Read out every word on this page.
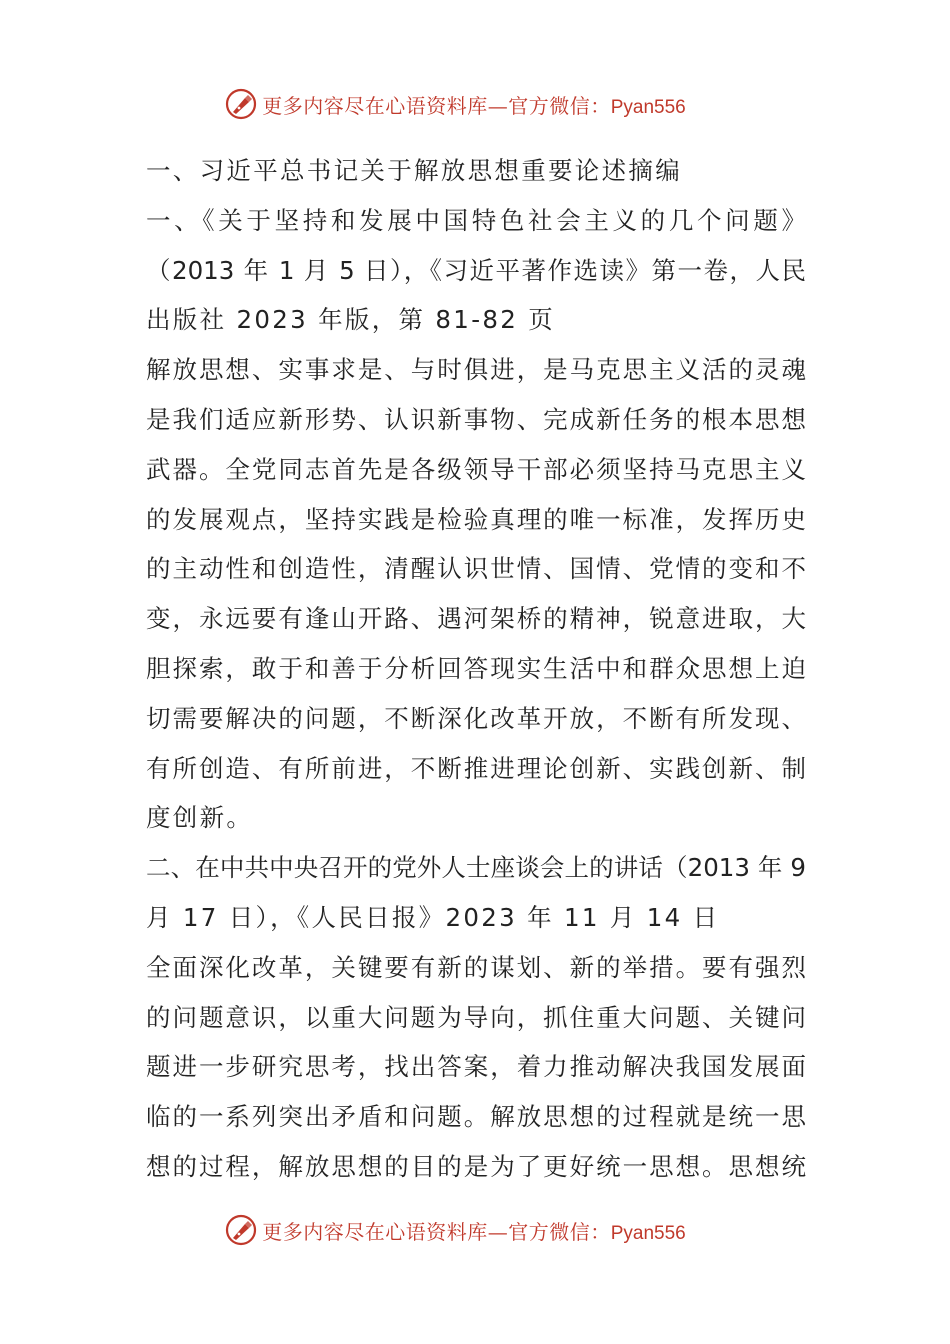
更多内容尽在心语资料库—官方微信：Pyan556
一、习近平总书记关于解放思想重要论述摘编
一、《关于坚持和发展中国特色社会主义的几个问题》
（2013 年 1 月 5 日），《习近平著作选读》第一卷，人民
出版社 2023 年版，第 81-82 页
解放思想、实事求是、与时俱进，是马克思主义活的灵魂
是我们适应新形势、认识新事物、完成新任务的根本思想
武器。全党同志首先是各级领导干部必须坚持马克思主义
的发展观点，坚持实践是检验真理的唯一标准，发挥历史
的主动性和创造性，清醒认识世情、国情、党情的变和不
变，永远要有逢山开路、遇河架桥的精神，锐意进取，大
胆探索，敢于和善于分析回答现实生活中和群众思想上迫
切需要解决的问题，不断深化改革开放，不断有所发现、
有所创造、有所前进，不断推进理论创新、实践创新、制
度创新。
二、在中共中央召开的党外人士座谈会上的讲话（2013 年 9
月 17 日），《人民日报》2023 年 11 月 14 日
全面深化改革，关键要有新的谋划、新的举措。要有强烈
的问题意识，以重大问题为导向，抓住重大问题、关键问
题进一步研究思考，找出答案，着力推动解决我国发展面
临的一系列突出矛盾和问题。解放思想的过程就是统一思
想的过程，解放思想的目的是为了更好统一思想。思想统
更多内容尽在心语资料库—官方微信：Pyan556
